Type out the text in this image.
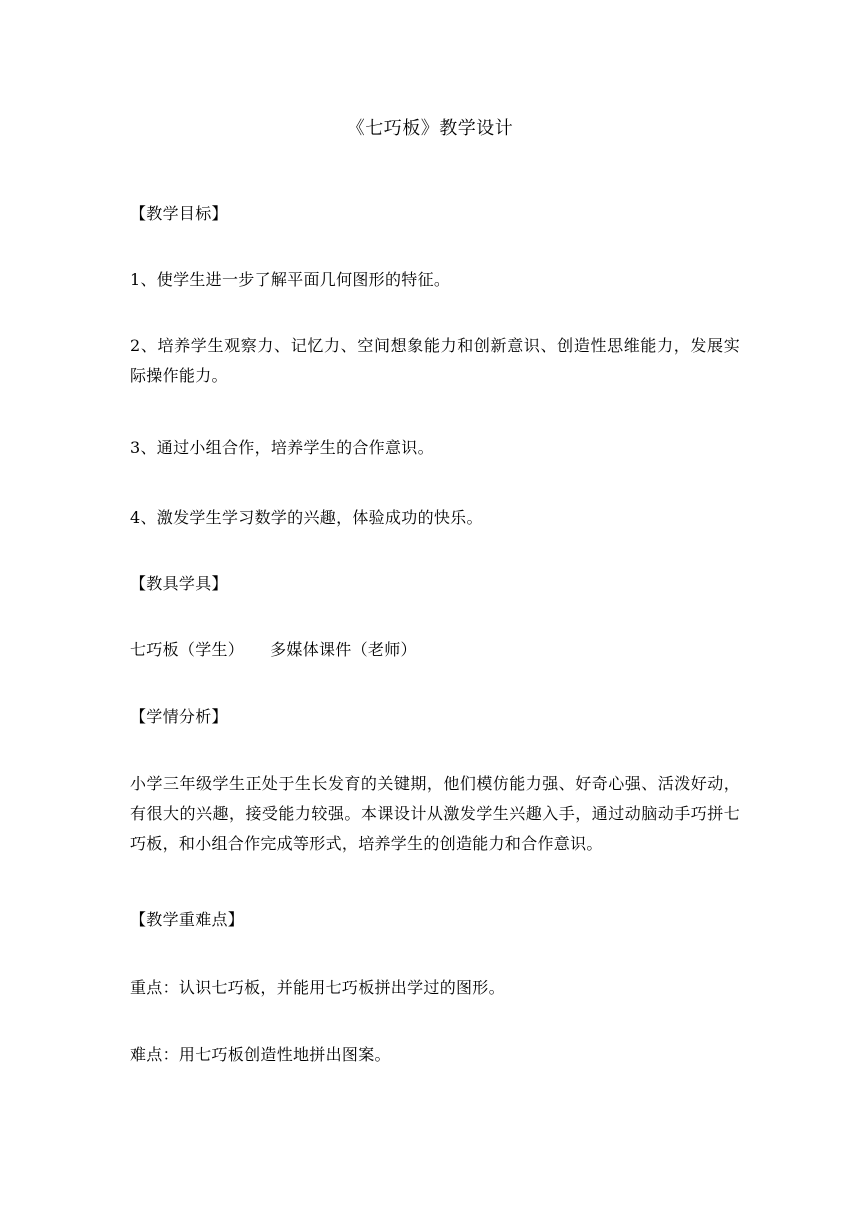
《七巧板》教学设计
【教学目标】
1、使学生进一步了解平面几何图形的特征。
2、培养学生观察力、记忆力、空间想象能力和创新意识、创造性思维能力，发展实际操作能力。
3、通过小组合作，培养学生的合作意识。
4、激发学生学习数学的兴趣，体验成功的快乐。
【教具学具】
七巧板（学生） 多媒体课件（老师）
【学情分析】
小学三年级学生正处于生长发育的关键期，他们模仿能力强、好奇心强、活泼好动，有很大的兴趣，接受能力较强。本课设计从激发学生兴趣入手，通过动脑动手巧拼七巧板，和小组合作完成等形式，培养学生的创造能力和合作意识。
【教学重难点】
重点：认识七巧板，并能用七巧板拼出学过的图形。
难点：用七巧板创造性地拼出图案。
